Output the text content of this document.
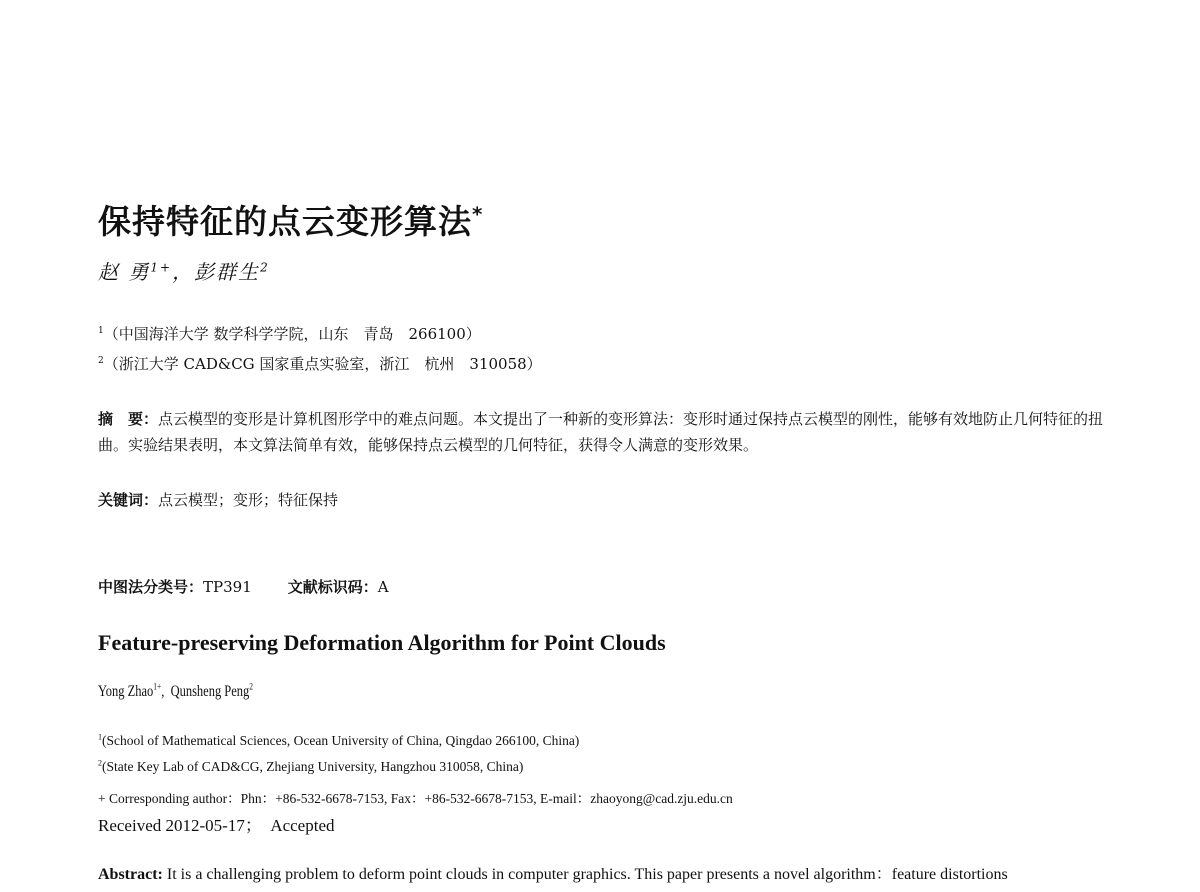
保持特征的点云变形算法*
赵 勇$^{1+}$，彭群生$^2$
$^1$（中国海洋大学 数学科学学院，山东　青岛　266100）
$^2$（浙江大学 CAD&CG 国家重点实验室，浙江　杭州　310058）
摘　要：点云模型的变形是计算机图形学中的难点问题。本文提出了一种新的变形算法：变形时通过保持点云模型的刚性，能够有效地防止几何特征的扭曲。实验结果表明，本文算法简单有效，能够保持点云模型的几何特征，获得令人满意的变形效果。
关键词：点云模型；变形；特征保持
中图法分类号：TP391 文献标识码：A
Feature-preserving Deformation Algorithm for Point Clouds
Yong Zhao$^{1+}$, Qunsheng Peng$^2$
$^1$(School of Mathematical Sciences, Ocean University of China, Qingdao 266100, China)
$^2$(State Key Lab of CAD&CG, Zhejiang University, Hangzhou 310058, China)
+ Corresponding author：Phn：+86-532-6678-7153, Fax：+86-532-6678-7153, E-mail：zhaoyong@cad.zju.edu.cn
Received 2012-05-17；　Accepted
Abstract: It is a challenging problem to deform point clouds in computer graphics. This paper presents a novel algorithm：feature distortions
